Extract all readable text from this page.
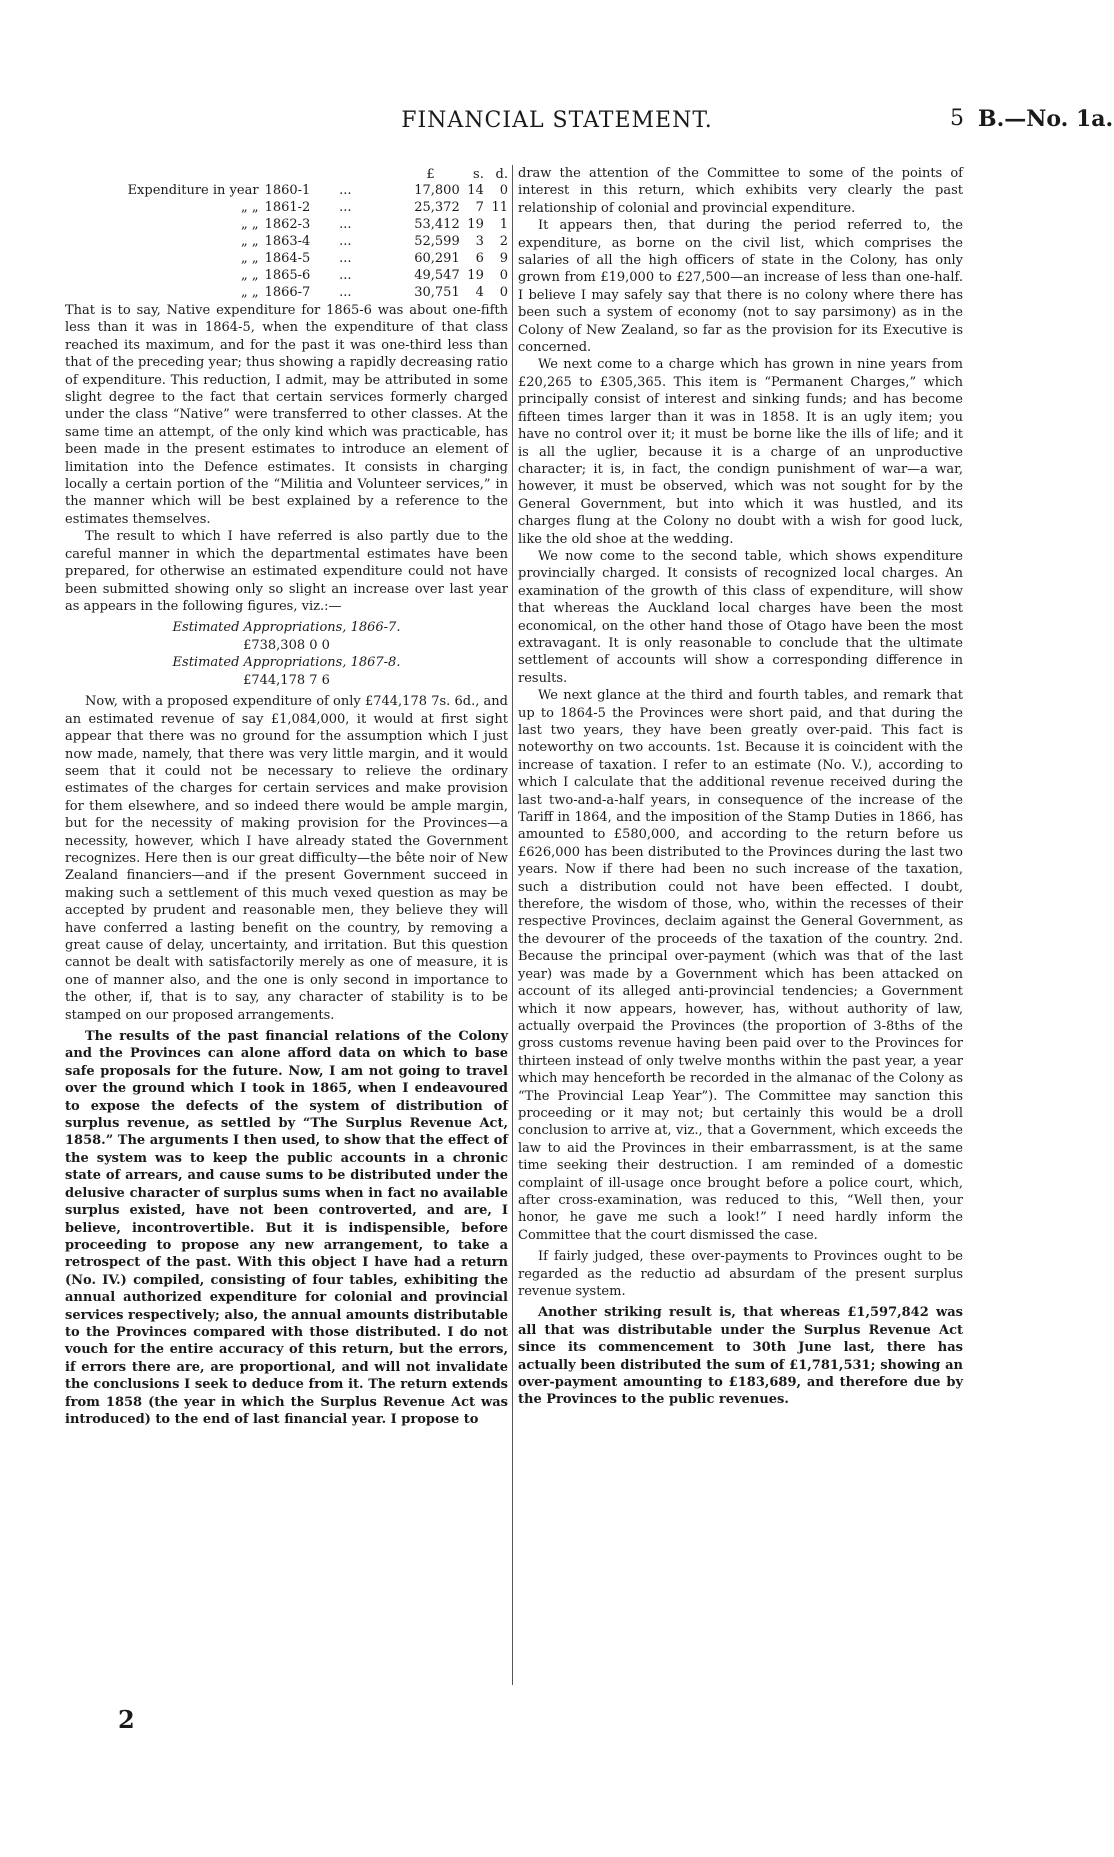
FINANCIAL STATEMENT.	5 B.—No. 1a.
			£	s.	d.
Expenditure in year	1860-1	...	17,800	14	0
„ „	1861-2	...	25,372	7	11
„ „	1862-3	...	53,412	19	1
„ „	1863-4	...	52,599	3	2
„ „	1864-5	...	60,291	6	9
„ „	1865-6	...	49,547	19	0
„ „	1866-7	...	30,751	4	0

That is to say, Native expenditure for 1865-6 was about one-fifth less than it was in 1864-5, when the expenditure of that class reached its maximum, and for the past it was one-third less than that of the preceding year; thus showing a rapidly decreasing ratio of expenditure. This reduction, I admit, may be attributed in some slight degree to the fact that certain services formerly charged under the class “Native” were transferred to other classes. At the same time an attempt, of the only kind which was practicable, has been made in the present estimates to introduce an element of limitation into the Defence estimates. It consists in charging locally a certain portion of the “Militia and Volunteer services,” in the manner which will be best explained by a reference to the estimates themselves.

The result to which I have referred is also partly due to the careful manner in which the departmental estimates have been prepared, for otherwise an estimated expenditure could not have been submitted showing only so slight an increase over last year as appears in the following figures, viz.:—

Estimated Appropriations, 1866-7.
£738,308 0 0
Estimated Appropriations, 1867-8.
£744,178 7 6

Now, with a proposed expenditure of only £744,178 7s. 6d., and an estimated revenue of say £1,084,000, it would at first sight appear that there was no ground for the assumption which I just now made, namely, that there was very little margin, and it would seem that it could not be necessary to relieve the ordinary estimates of the charges for certain services and make provision for them elsewhere, and so indeed there would be ample margin, but for the necessity of making provision for the Provinces—a necessity, however, which I have already stated the Government recognizes. Here then is our great difficulty—the bête noir of New Zealand financiers—and if the present Government succeed in making such a settlement of this much vexed question as may be accepted by prudent and reasonable men, they believe they will have conferred a lasting benefit on the country, by removing a great cause of delay, uncertainty, and irritation. But this question cannot be dealt with satisfactorily merely as one of measure, it is one of manner also, and the one is only second in importance to the other, if, that is to say, any character of stability is to be stamped on our proposed arrangements.

The results of the past financial relations of the Colony and the Provinces can alone afford data on which to base safe proposals for the future. Now, I am not going to travel over the ground which I took in 1865, when I endeavoured to expose the defects of the system of distribution of surplus revenue, as settled by “The Surplus Revenue Act, 1858.” The arguments I then used, to show that the effect of the system was to keep the public accounts in a chronic state of arrears, and cause sums to be distributed under the delusive character of surplus sums when in fact no available surplus existed, have not been controverted, and are, I believe, incontrovertible. But it is indispensible, before proceeding to propose any new arrangement, to take a retrospect of the past. With this object I have had a return (No. IV.) compiled, consisting of four tables, exhibiting the annual authorized expenditure for colonial and provincial services respectively; also, the annual amounts distributable to the Provinces compared with those distributed. I do not vouch for the entire accuracy of this return, but the errors, if errors there are, are proportional, and will not invalidate the conclusions I seek to deduce from it. The return extends from 1858 (the year in which the Surplus Revenue Act was introduced) to the end of last financial year. I propose to

draw the attention of the Committee to some of the points of interest in this return, which exhibits very clearly the past relationship of colonial and provincial expenditure.

It appears then, that during the period referred to, the expenditure, as borne on the civil list, which comprises the salaries of all the high officers of state in the Colony, has only grown from £19,000 to £27,500—an increase of less than one-half. I believe I may safely say that there is no colony where there has been such a system of economy (not to say parsimony) as in the Colony of New Zealand, so far as the provision for its Executive is concerned.

We next come to a charge which has grown in nine years from £20,265 to £305,365. This item is “Permanent Charges,” which principally consist of interest and sinking funds; and has become fifteen times larger than it was in 1858. It is an ugly item; you have no control over it; it must be borne like the ills of life; and it is all the uglier, because it is a charge of an unproductive character; it is, in fact, the condign punishment of war—a war, however, it must be observed, which was not sought for by the General Government, but into which it was hustled, and its charges flung at the Colony no doubt with a wish for good luck, like the old shoe at the wedding.

We now come to the second table, which shows expenditure provincially charged. It consists of recognized local charges. An examination of the growth of this class of expenditure, will show that whereas the Auckland local charges have been the most economical, on the other hand those of Otago have been the most extravagant. It is only reasonable to conclude that the ultimate settlement of accounts will show a corresponding difference in results.

We next glance at the third and fourth tables, and remark that up to 1864-5 the Provinces were short paid, and that during the last two years, they have been greatly over-paid. This fact is noteworthy on two accounts. 1st. Because it is coincident with the increase of taxation. I refer to an estimate (No. V.), according to which I calculate that the additional revenue received during the last two-and-a-half years, in consequence of the increase of the Tariff in 1864, and the imposition of the Stamp Duties in 1866, has amounted to £580,000, and according to the return before us £626,000 has been distributed to the Provinces during the last two years. Now if there had been no such increase of the taxation, such a distribution could not have been effected. I doubt, therefore, the wisdom of those, who, within the recesses of their respective Provinces, declaim against the General Government, as the devourer of the proceeds of the taxation of the country. 2nd. Because the principal over-payment (which was that of the last year) was made by a Government which has been attacked on account of its alleged anti-provincial tendencies; a Government which it now appears, however, has, without authority of law, actually overpaid the Provinces (the proportion of 3-8ths of the gross customs revenue having been paid over to the Provinces for thirteen instead of only twelve months within the past year, a year which may henceforth be recorded in the almanac of the Colony as “The Provincial Leap Year”). The Committee may sanction this proceeding or it may not; but certainly this would be a droll conclusion to arrive at, viz., that a Government, which exceeds the law to aid the Provinces in their embarrassment, is at the same time seeking their destruction. I am reminded of a domestic complaint of ill-usage once brought before a police court, which, after cross-examination, was reduced to this, “Well then, your honor, he gave me such a look!” I need hardly inform the Committee that the court dismissed the case.

If fairly judged, these over-payments to Provinces ought to be regarded as the reductio ad absurdam of the present surplus revenue system.

Another striking result is, that whereas £1,597,842 was all that was distributable under the Surplus Revenue Act since its commencement to 30th June last, there has actually been distributed the sum of £1,781,531; showing an over-payment amounting to £183,689, and therefore due by the Provinces to the public revenues.

2
